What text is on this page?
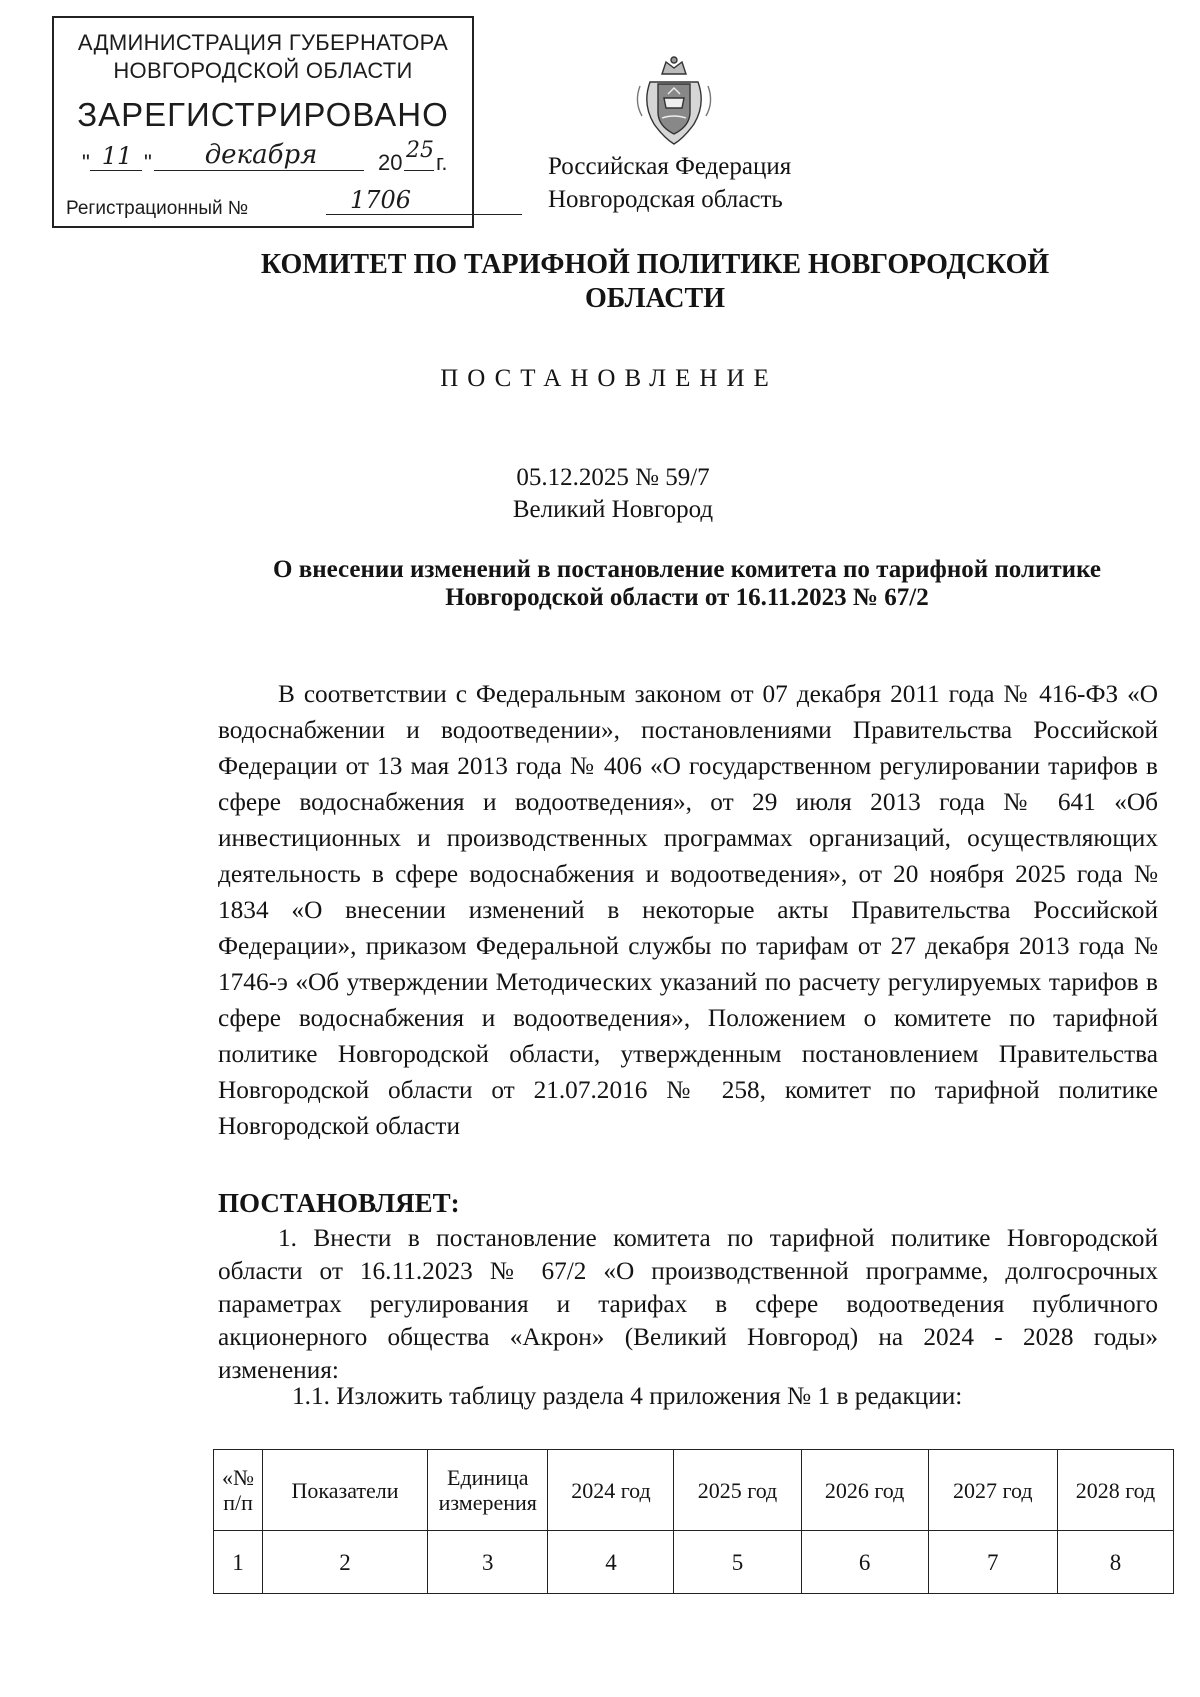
АДМИНИСТРАЦИЯ ГУБЕРНАТОРА
НОВГОРОДСКОЙ ОБЛАСТИ
ЗАРЕГИСТРИРОВАНО
" 11 "	декабря	20 25 г.
Регистрационный №	1706
Российская Федерация
Новгородская область
КОМИТЕТ ПО ТАРИФНОЙ ПОЛИТИКЕ НОВГОРОДСКОЙ ОБЛАСТИ
ПОСТАНОВЛЕНИЕ
05.12.2025 № 59/7
Великий Новгород
О внесении изменений в постановление комитета по тарифной политике Новгородской области от 16.11.2023 № 67/2

В соответствии с Федеральным законом от 07 декабря 2011 года № 416-ФЗ «О водоснабжении и водоотведении», постановлениями Правительства Российской Федерации от 13 мая 2013 года № 406 «О государственном регулировании тарифов в сфере водоснабжения и водоотведения», от 29 июля 2013 года № 641 «Об инвестиционных и производственных программах организаций, осуществляющих деятельность в сфере водоснабжения и водоотведения», от 20 ноября 2025 года № 1834 «О внесении изменений в некоторые акты Правительства Российской Федерации», приказом Федеральной службы по тарифам от 27 декабря 2013 года № 1746-э «Об утверждении Методических указаний по расчету регулируемых тарифов в сфере водоснабжения и водоотведения», Положением о комитете по тарифной политике Новгородской области, утвержденным постановлением Правительства Новгородской области от 21.07.2016 № 258, комитет по тарифной политике Новгородской области

ПОСТАНОВЛЯЕТ:

1. Внести в постановление комитета по тарифной политике Новгородской области от 16.11.2023 № 67/2 «О производственной программе, долгосрочных параметрах регулирования и тарифах в сфере водоотведения публичного акционерного общества «Акрон» (Великий Новгород) на 2024 - 2028 годы» изменения:

1.1. Изложить таблицу раздела 4 приложения № 1 в редакции:
«№ п/п	Показатели	Единица измерения	2024 год	2025 год	2026 год	2027 год	2028 год
1	2	3	4	5	6	7	8
